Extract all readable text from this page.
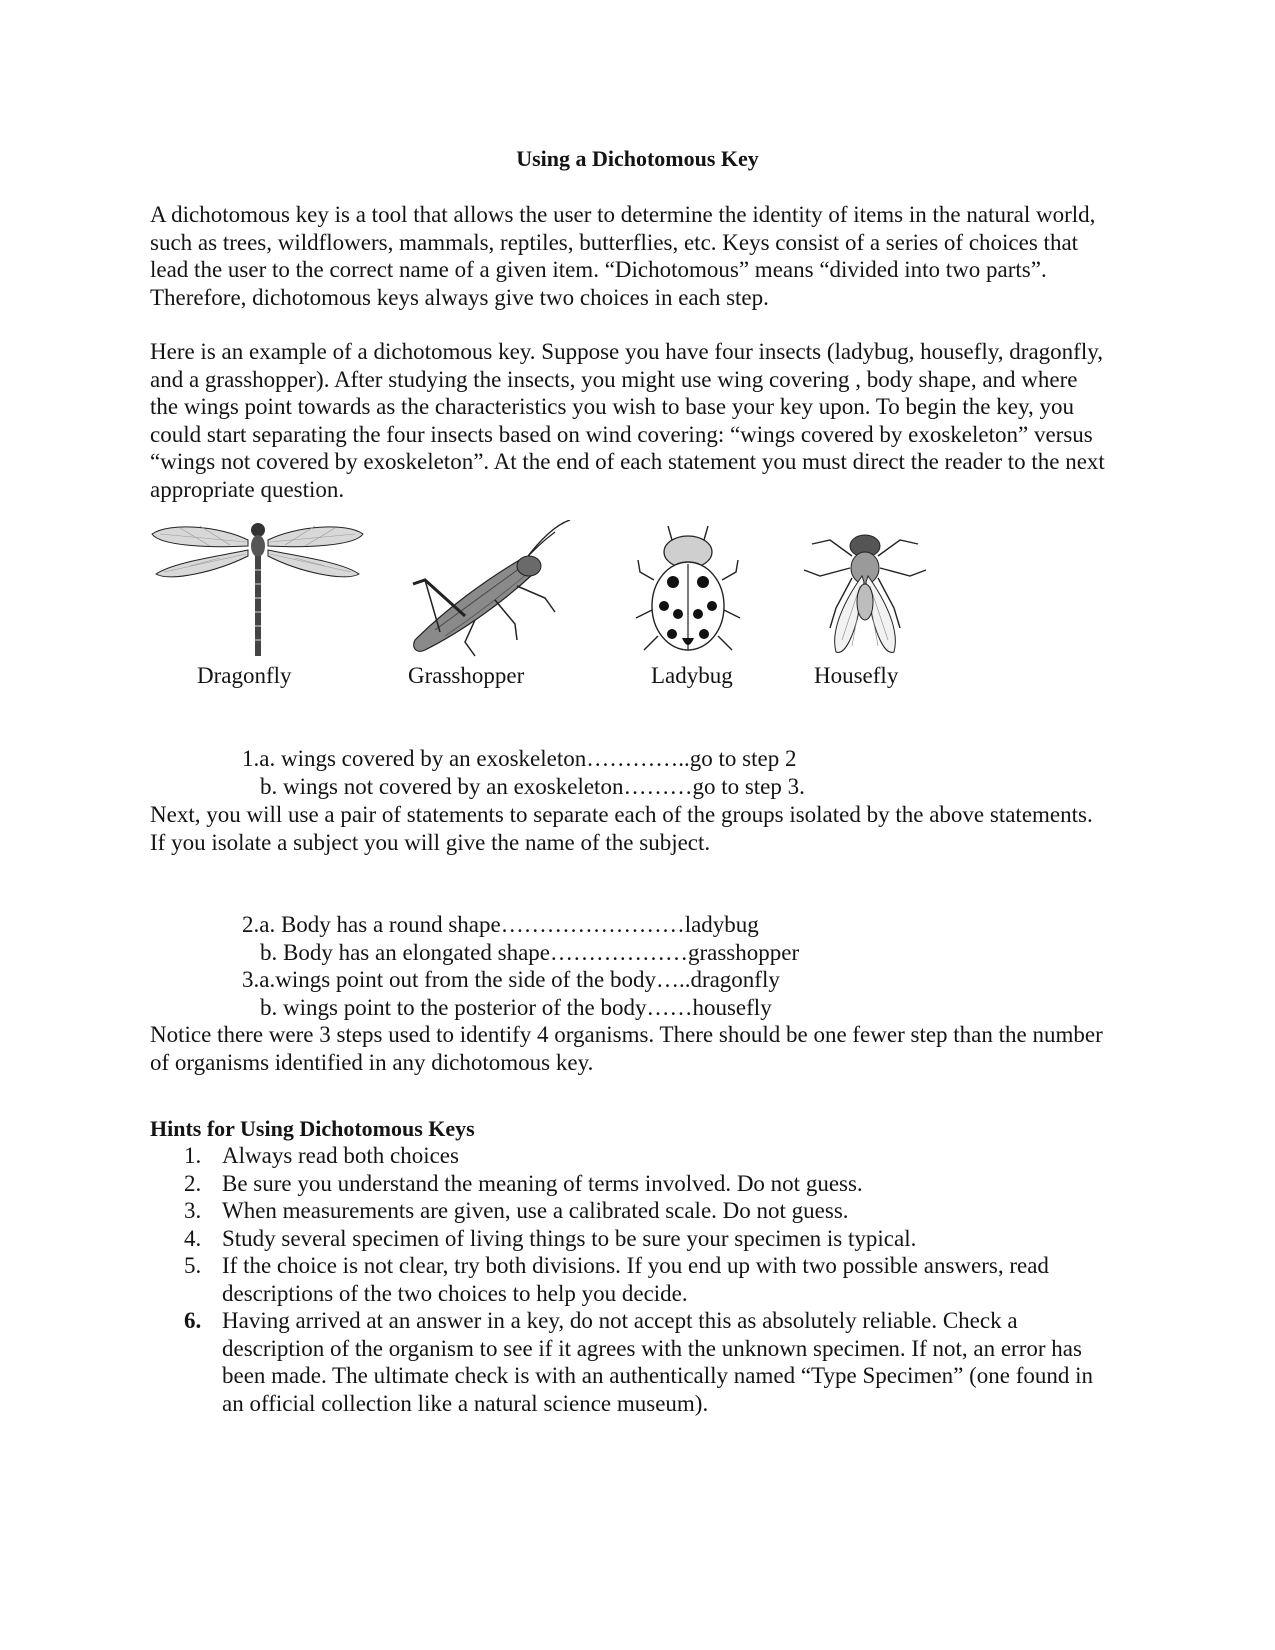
Using a Dichotomous Key

A dichotomous key is a tool that allows the user to determine the identity of items in the natural world, such as trees, wildflowers, mammals, reptiles, butterflies, etc. Keys consist of a series of choices that lead the user to the correct name of a given item. “Dichotomous” means “divided into two parts”. Therefore, dichotomous keys always give two choices in each step.

Here is an example of a dichotomous key. Suppose you have four insects (ladybug, housefly, dragonfly, and a grasshopper). After studying the insects, you might use wing covering , body shape, and where the wings point towards as the characteristics you wish to base your key upon. To begin the key, you could start separating the four insects based on wind covering: “wings covered by exoskeleton” versus “wings not covered by exoskeleton”. At the end of each statement you must direct the reader to the next appropriate question.

Dragonfly	Grasshopper	Ladybug	Housefly
1.a. wings covered by an exoskeleton…………..go to step 2
b. wings not covered by an exoskeleton………go to step 3.

Next, you will use a pair of statements to separate each of the groups isolated by the above statements. If you isolate a subject you will give the name of the subject.

2.a. Body has a round shape……………………ladybug
b. Body has an elongated shape………………grasshopper
3.a.wings point out from the side of the body…..dragonfly
b. wings point to the posterior of the body……housefly

Notice there were 3 steps used to identify 4 organisms. There should be one fewer step than the number of organisms identified in any dichotomous key.

Hints for Using Dichotomous Keys
1. Always read both choices
2. Be sure you understand the meaning of terms involved. Do not guess.
3. When measurements are given, use a calibrated scale. Do not guess.
4. Study several specimen of living things to be sure your specimen is typical.
5. If the choice is not clear, try both divisions. If you end up with two possible answers, read descriptions of the two choices to help you decide.
6. Having arrived at an answer in a key, do not accept this as absolutely reliable. Check a description of the organism to see if it agrees with the unknown specimen. If not, an error has been made. The ultimate check is with an authentically named “Type Specimen” (one found in an official collection like a natural science museum).
